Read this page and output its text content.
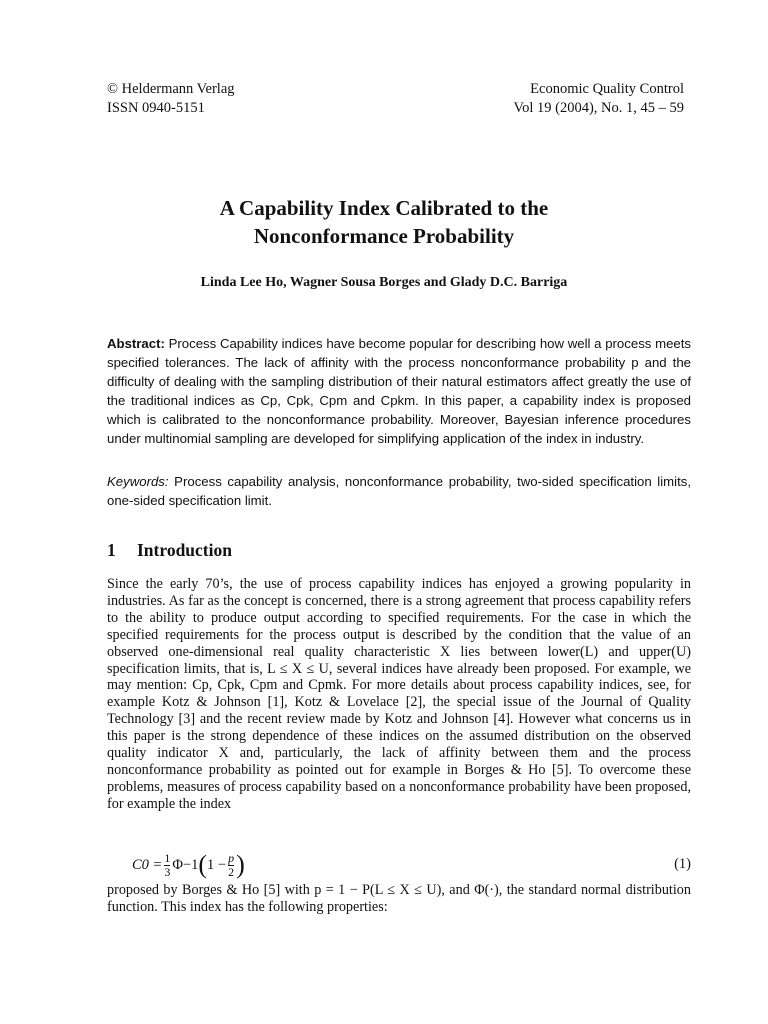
© Heldermann Verlag
ISSN 0940-5151
Economic Quality Control
Vol 19 (2004), No. 1, 45 – 59
A Capability Index Calibrated to the
Nonconformance Probability
Linda Lee Ho, Wagner Sousa Borges and Glady D.C. Barriga
Abstract: Process Capability indices have become popular for describing how well a process meets specified tolerances. The lack of affinity with the process nonconformance probability p and the difficulty of dealing with the sampling distribution of their natural estimators affect greatly the use of the traditional indices as Cp, Cpk, Cpm and Cpkm. In this paper, a capability index is proposed which is calibrated to the nonconformance probability. Moreover, Bayesian inference procedures under multinomial sampling are developed for simplifying application of the index in industry.
Keywords: Process capability analysis, nonconformance probability, two-sided specification limits, one-sided specification limit.
1 Introduction

Since the early 70’s, the use of process capability indices has enjoyed a growing popularity in industries. As far as the concept is concerned, there is a strong agreement that process capability refers to the ability to produce output according to specified requirements. For the case in which the specified requirements for the process output is described by the condition that the value of an observed one-dimensional real quality characteristic X lies between lower(L) and upper(U) specification limits, that is, L ≤ X ≤ U, several indices have already been proposed. For example, we may mention: Cp, Cpk, Cpm and Cpmk. For more details about process capability indices, see, for example Kotz & Johnson [1], Kotz & Lovelace [2], the special issue of the Journal of Quality Technology [3] and the recent review made by Kotz and Johnson [4]. However what concerns us in this paper is the strong dependence of these indices on the assumed distribution on the observed quality indicator X and, particularly, the lack of affinity between them and the process nonconformance probability as pointed out for example in Borges & Ho [5]. To overcome these problems, measures of process capability based on a nonconformance probability have been proposed, for example the index

$C0 = \frac{1}{3} \Phi-1$ ( $1 - \frac{p}{2}$ )	(1)

proposed by Borges & Ho [5] with p = 1 − P(L ≤ X ≤ U), and Φ(·), the standard normal distribution function. This index has the following properties:
